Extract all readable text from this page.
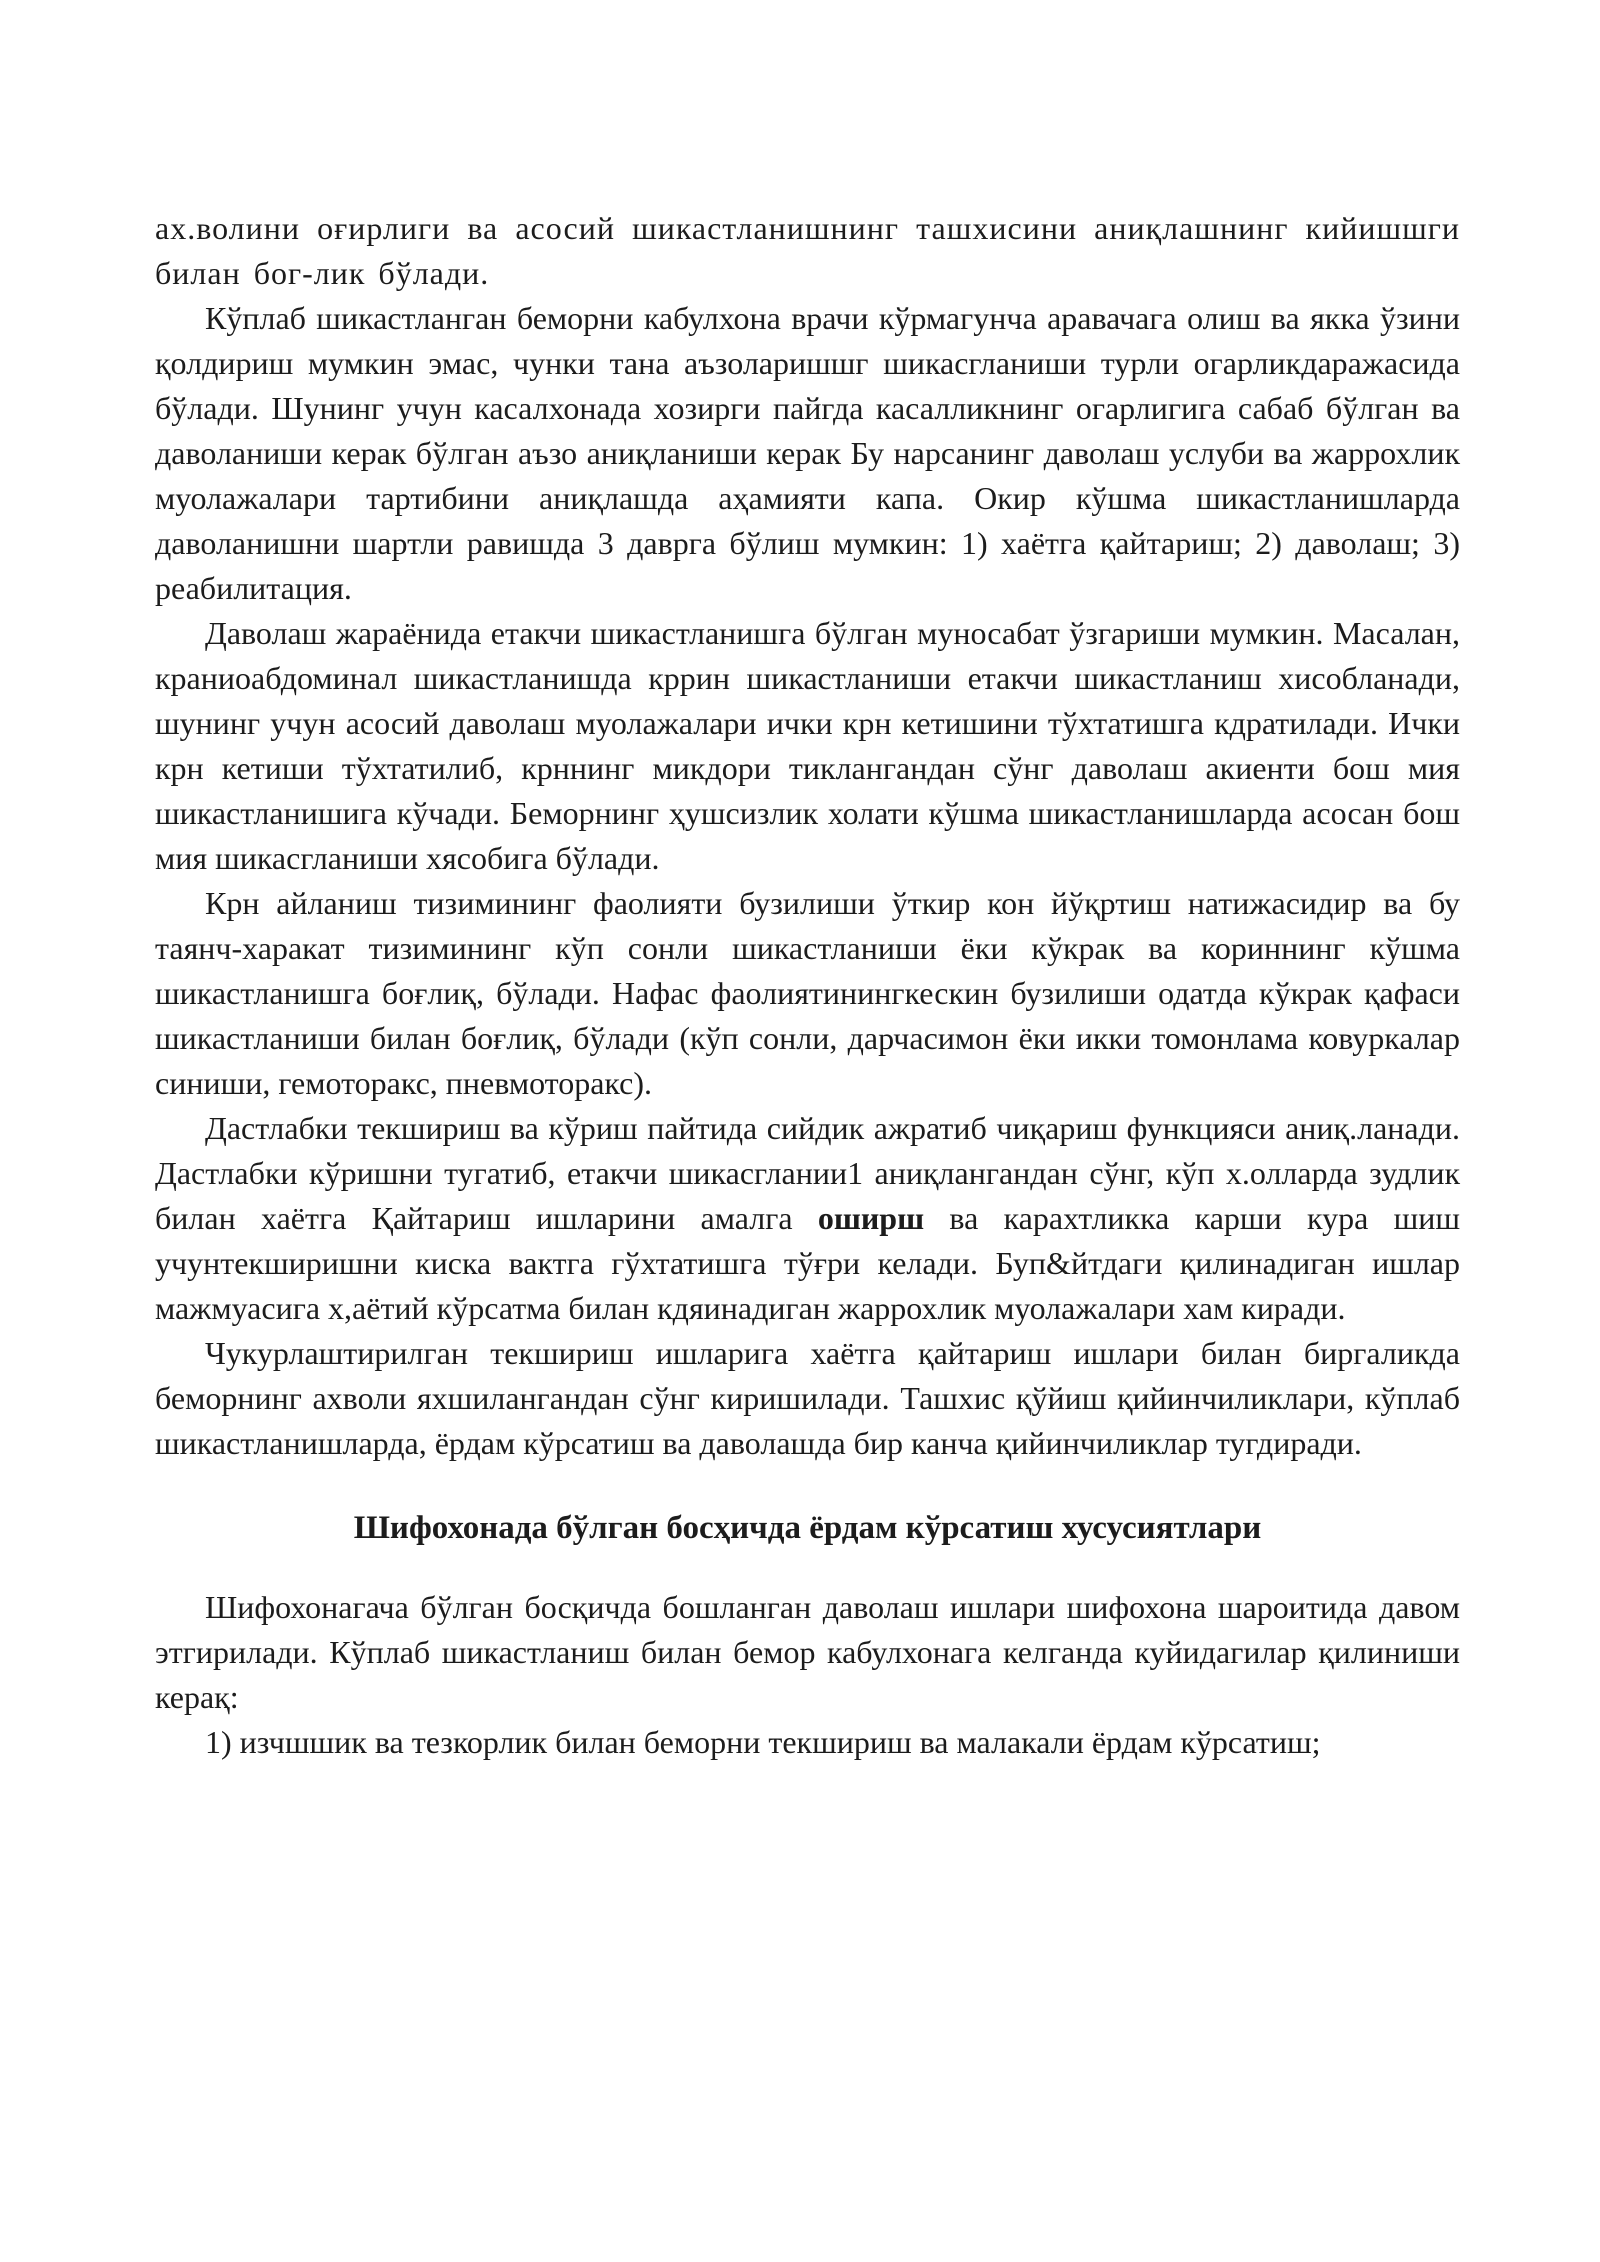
ах.волини оғирлиги ва асосий шикастланишнинг ташхисини аниқлашнинг кийишшги билан бог-лик бўлади.

Кўплаб шикастланган беморни кабулхона врачи кўрмагунча аравачага олиш ва якка ўзини қолдириш мумкин эмас, чунки тана аъзоларишшг шикасгланиши турли огарликдаражасида бўлади. Шунинг учун касалхонада хозирги пайгда касалликнинг огарлигига сабаб бўлган ва даволаниши керак бўлган аъзо аниқланиши керак Бу нарсанинг даволаш услуби ва жаррохлик муолажалари тартибини аниқлашда аҳамияти капа. Окир кўшма шикастланишларда даволанишни шартли равишда 3 даврга бўлиш мумкин: 1) хаётга қайтариш; 2) даволаш; 3) реабилитация.

Даволаш жараёнида етакчи шикастланишга бўлган муносабат ўзгариши мумкин. Масалан, краниоабдоминал шикастланишда кррин шикастланиши етакчи шикастланиш хисобланади, шунинг учун асосий даволаш муолажалари ички крн кетишини тўхтатишга кдратилади. Ички крн кетиши тўхтатилиб, крннинг микдори тиклангандан сўнг даволаш акиенти бош мия шикастланишига кўчади. Беморнинг ҳушсизлик холати кўшма шикастланишларда асосан бош мия шикасгланиши хясобига бўлади.

Крн айланиш тизимининг фаолияти бузилиши ўткир кон йўқртиш натижасидир ва бу таянч-харакат тизимининг кўп сонли шикастланиши ёки кўкрак ва кориннинг кўшма шикастланишга боғлиқ, бўлади. Нафас фаолиятинингкескин бузилиши одатда кўкрак қафаси шикастланиши билан боғлиқ, бўлади (кўп сонли, дарчасимон ёки икки томонлама ковуркалар синиши, гемоторакс, пневмоторакс).

Дастлабки текшириш ва кўриш пайтида сийдик ажратиб чиқариш функцияси аниқ.ланади. Дастлабки кўришни тугатиб, етакчи шикасглании1 аниқлангандан сўнг, кўп х.олларда зудлик билан хаётга Қайтариш ишларини амалга оширш ва карахтликка карши кура шиш учунтекширишни киска вактга гўхтатишга тўғри келади. Буп&йтдаги қилинадиган ишлар мажмуасига х,аётий кўрсатма билан кдяинадиган жаррохлик муолажалари хам киради.

Чукурлаштирилган текшириш ишларига хаётга қайтариш ишлари билан биргаликда беморнинг ахволи яхшилангандан сўнг киришилади. Ташхис қўйиш қийинчиликлари, кўплаб шикастланишларда, ёрдам кўрсатиш ва даволашда бир канча қийинчиликлар тугдиради.

Шифохонада бўлган босҳичда ёрдам кўрсатиш хусусиятлари

Шифохонагача бўлган босқичда бошланган даволаш ишлари шифохона шароитида давом этгирилади. Кўплаб шикастланиш билан бемор кабулхонага келганда куйидагилар қилиниши керақ:

1) изчшшик ва тезкорлик билан беморни текшириш ва малакали ёрдам кўрсатиш;
